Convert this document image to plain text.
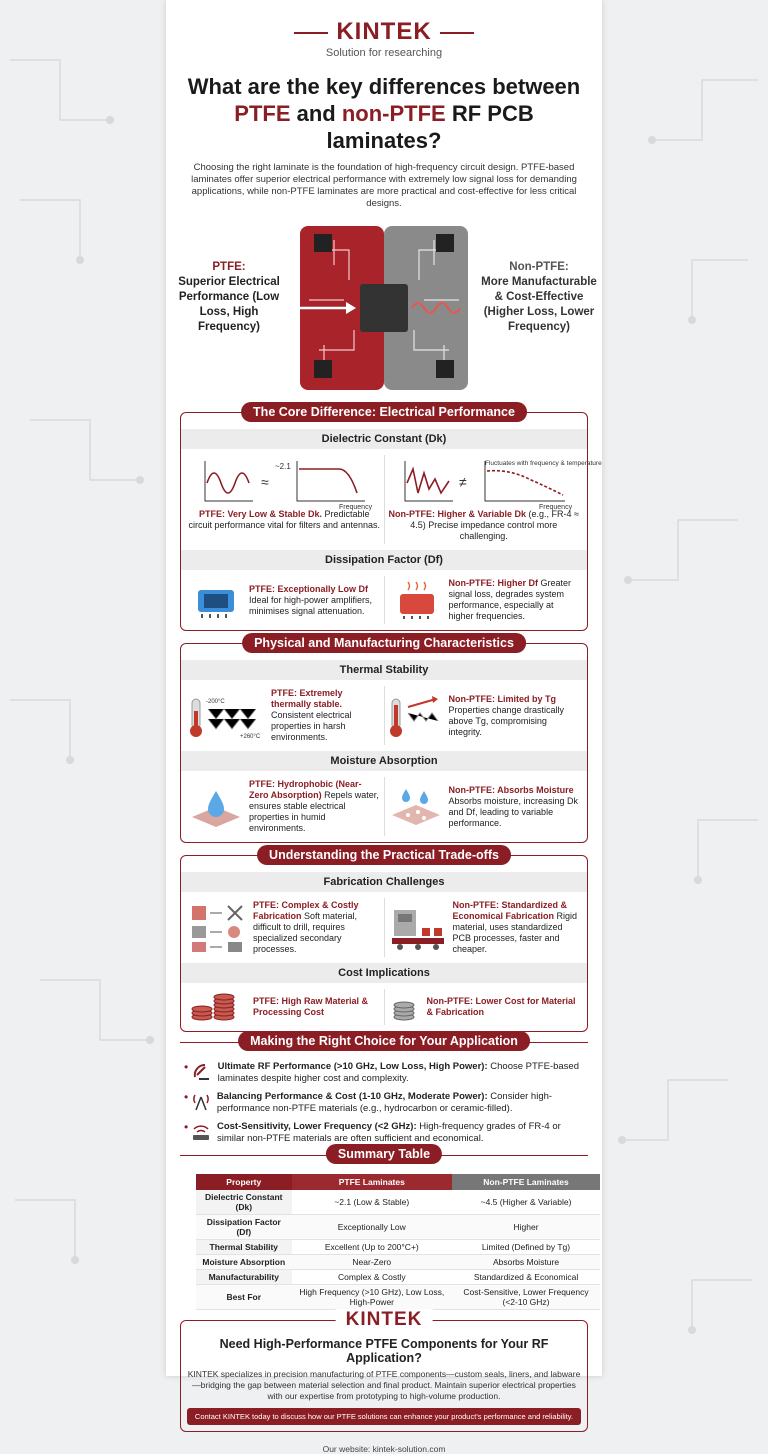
KINTEK
Solution for researching
What are the key differences between
PTFE and non-PTFE RF PCB laminates?
Choosing the right laminate is the foundation of high-frequency circuit design. PTFE-based laminates offer superior electrical performance with extremely low signal loss for demanding applications, while non-PTFE laminates are more practical and cost-effective for less critical designs.
PTFE:
Superior Electrical Performance (Low Loss, High Frequency)
Non-PTFE:
More Manufacturable & Cost-Effective (Higher Loss, Lower Frequency)
The Core Difference: Electrical Performance
Dielectric Constant (Dk)
≈
~2.1
Frequency
PTFE: Very Low & Stable Dk. Predictable circuit performance vital for filters and antennas.
≠
Fluctuates with frequency & temperature
Frequency
Non-PTFE: Higher & Variable Dk (e.g., FR-4 ≈ 4.5) Precise impedance control more challenging.
Dissipation Factor (Df)
PTFE: Exceptionally Low Df Ideal for high-power amplifiers, minimises signal attenuation.
Non-PTFE: Higher Df Greater signal loss, degrades system performance, especially at higher frequencies.
Physical and Manufacturing Characteristics
Thermal Stability
-200°C
+260°C
PTFE: Extremely thermally stable. Consistent electrical properties in harsh environments.
Non-PTFE: Limited by Tg Properties change drastically above Tg, compromising integrity.
Moisture Absorption
PTFE: Hydrophobic (Near-Zero Absorption) Repels water, ensures stable electrical properties in humid environments.
Non-PTFE: Absorbs Moisture Absorbs moisture, increasing Dk and Df, leading to variable performance.
Understanding the Practical Trade-offs
Fabrication Challenges
PTFE: Complex & Costly Fabrication Soft material, difficult to drill, requires specialized secondary processes.
Non-PTFE: Standardized & Economical Fabrication Rigid material, uses standardized PCB processes, faster and cheaper.
Cost Implications
PTFE: High Raw Material & Processing Cost
Non-PTFE: Lower Cost for Material & Fabrication
Making the Right Choice for Your Application
•	Ultimate RF Performance (>10 GHz, Low Loss, High Power): Choose PTFE-based laminates despite higher cost and complexity.
•	Balancing Performance & Cost (1-10 GHz, Moderate Power): Consider high-performance non-PTFE materials (e.g., hydrocarbon or ceramic-filled).
•	Cost-Sensitivity, Lower Frequency (<2 GHz): High-frequency grades of FR-4 or similar non-PTFE materials are often sufficient and economical.
Summary Table
Property	PTFE Laminates	Non-PTFE Laminates
Dielectric Constant (Dk)	~2.1 (Low & Stable)	~4.5 (Higher & Variable)
Dissipation Factor (Df)	Exceptionally Low	Higher
Thermal Stability	Excellent (Up to 200°C+)	Limited (Defined by Tg)
Moisture Absorption	Near-Zero	Absorbs Moisture
Manufacturability	Complex & Costly	Standardized & Economical
Best For	High Frequency (>10 GHz), Low Loss, High-Power	Cost-Sensitive, Lower Frequency (<2-10 GHz)
KINTEK
Need High-Performance PTFE Components for Your RF Application?

KINTEK specializes in precision manufacturing of PTFE components—custom seals, liners, and labware—bridging the gap between material selection and final product. Maintain superior electrical properties with our expertise from prototyping to high-volume production.

Contact KINTEK today to discuss how our PTFE solutions can enhance your product's performance and reliability.
Our website: kintek-solution.com
